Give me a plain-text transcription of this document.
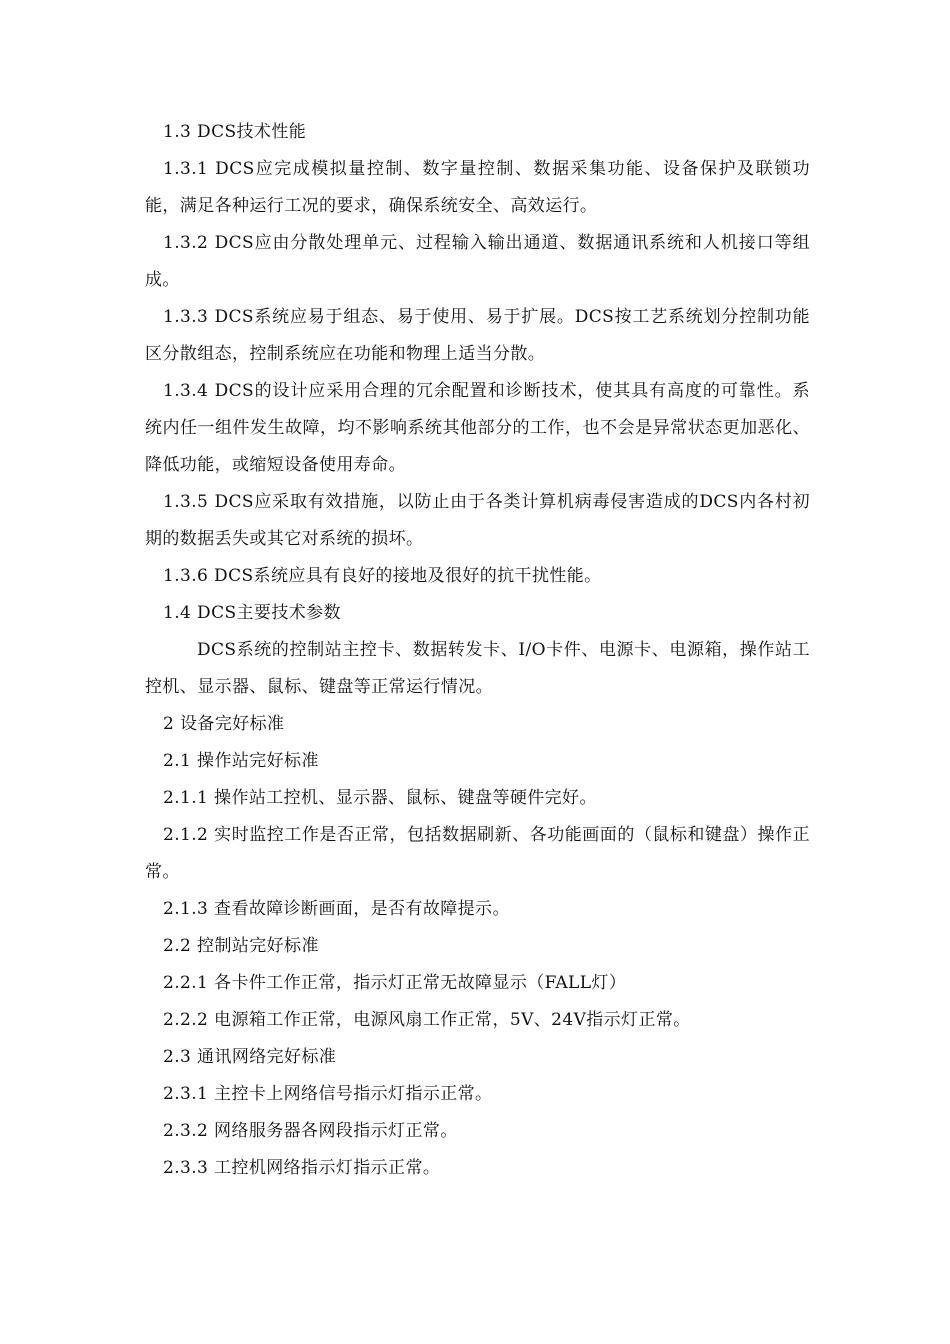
1.3 DCS技术性能

1.3.1 DCS应完成模拟量控制、数字量控制、数据采集功能、设备保护及联锁功能，满足各种运行工况的要求，确保系统安全、高效运行。

1.3.2 DCS应由分散处理单元、过程输入输出通道、数据通讯系统和人机接口等组成。

1.3.3 DCS系统应易于组态、易于使用、易于扩展。DCS按工艺系统划分控制功能区分散组态，控制系统应在功能和物理上适当分散。

1.3.4 DCS的设计应采用合理的冗余配置和诊断技术，使其具有高度的可靠性。系统内任一组件发生故障，均不影响系统其他部分的工作，也不会是异常状态更加恶化、降低功能，或缩短设备使用寿命。

1.3.5 DCS应采取有效措施，以防止由于各类计算机病毒侵害造成的DCS内各村初期的数据丢失或其它对系统的损坏。

1.3.6 DCS系统应具有良好的接地及很好的抗干扰性能。

1.4 DCS主要技术参数

DCS系统的控制站主控卡、数据转发卡、I/O卡件、电源卡、电源箱，操作站工控机、显示器、鼠标、键盘等正常运行情况。

2 设备完好标准

2.1 操作站完好标准

2.1.1 操作站工控机、显示器、鼠标、键盘等硬件完好。

2.1.2 实时监控工作是否正常，包括数据刷新、各功能画面的（鼠标和键盘）操作正常。

2.1.3 查看故障诊断画面，是否有故障提示。

2.2 控制站完好标准

2.2.1 各卡件工作正常，指示灯正常无故障显示（FALL灯）

2.2.2 电源箱工作正常，电源风扇工作正常，5V、24V指示灯正常。

2.3 通讯网络完好标准

2.3.1 主控卡上网络信号指示灯指示正常。

2.3.2 网络服务器各网段指示灯正常。

2.3.3 工控机网络指示灯指示正常。
